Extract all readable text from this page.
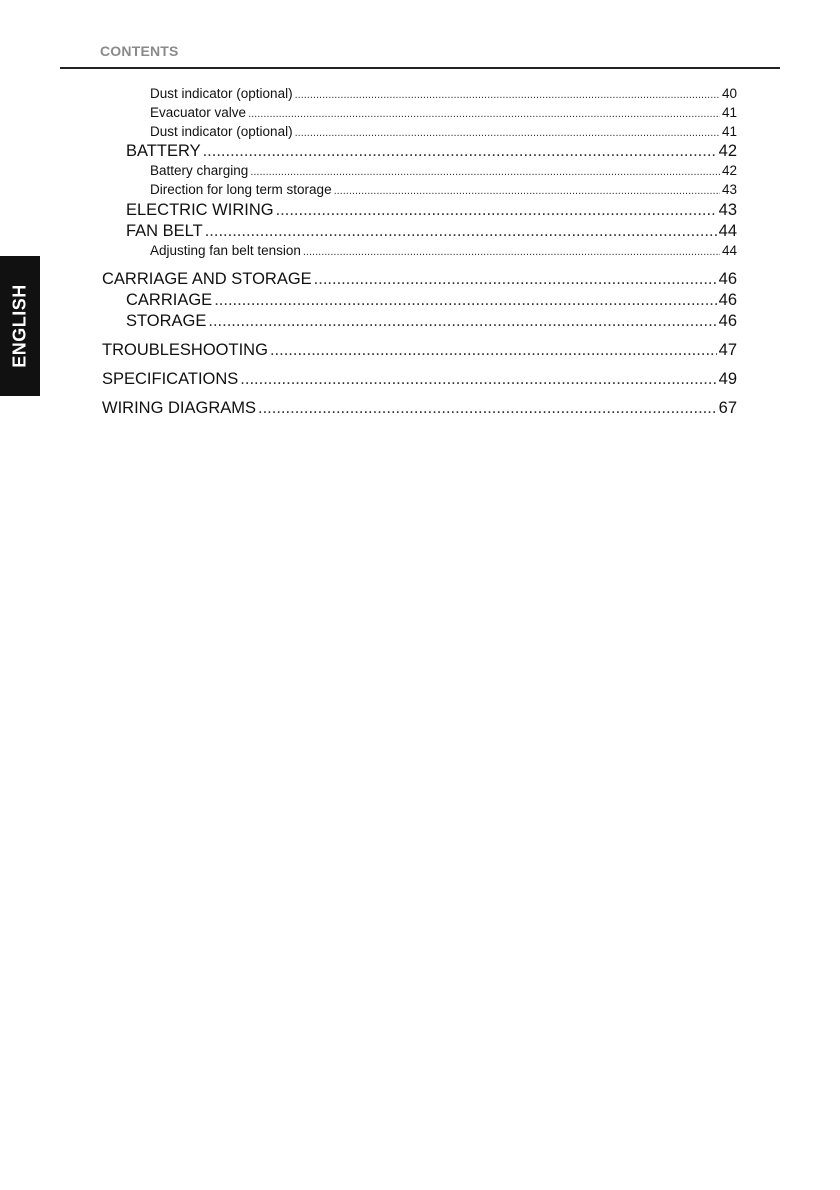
CONTENTS
ENGLISH
Dust indicator (optional) .....	40
Evacuator valve .....	41
Dust indicator (optional) .....	41
BATTERY .....	42
Battery charging .....	42
Direction for long term storage .....	43
ELECTRIC WIRING .....	43
FAN BELT .....	44
Adjusting fan belt tension .....	44
CARRIAGE AND STORAGE .....	46
CARRIAGE .....	46
STORAGE .....	46
TROUBLESHOOTING .....	47
SPECIFICATIONS .....	49
WIRING DIAGRAMS .....	67
